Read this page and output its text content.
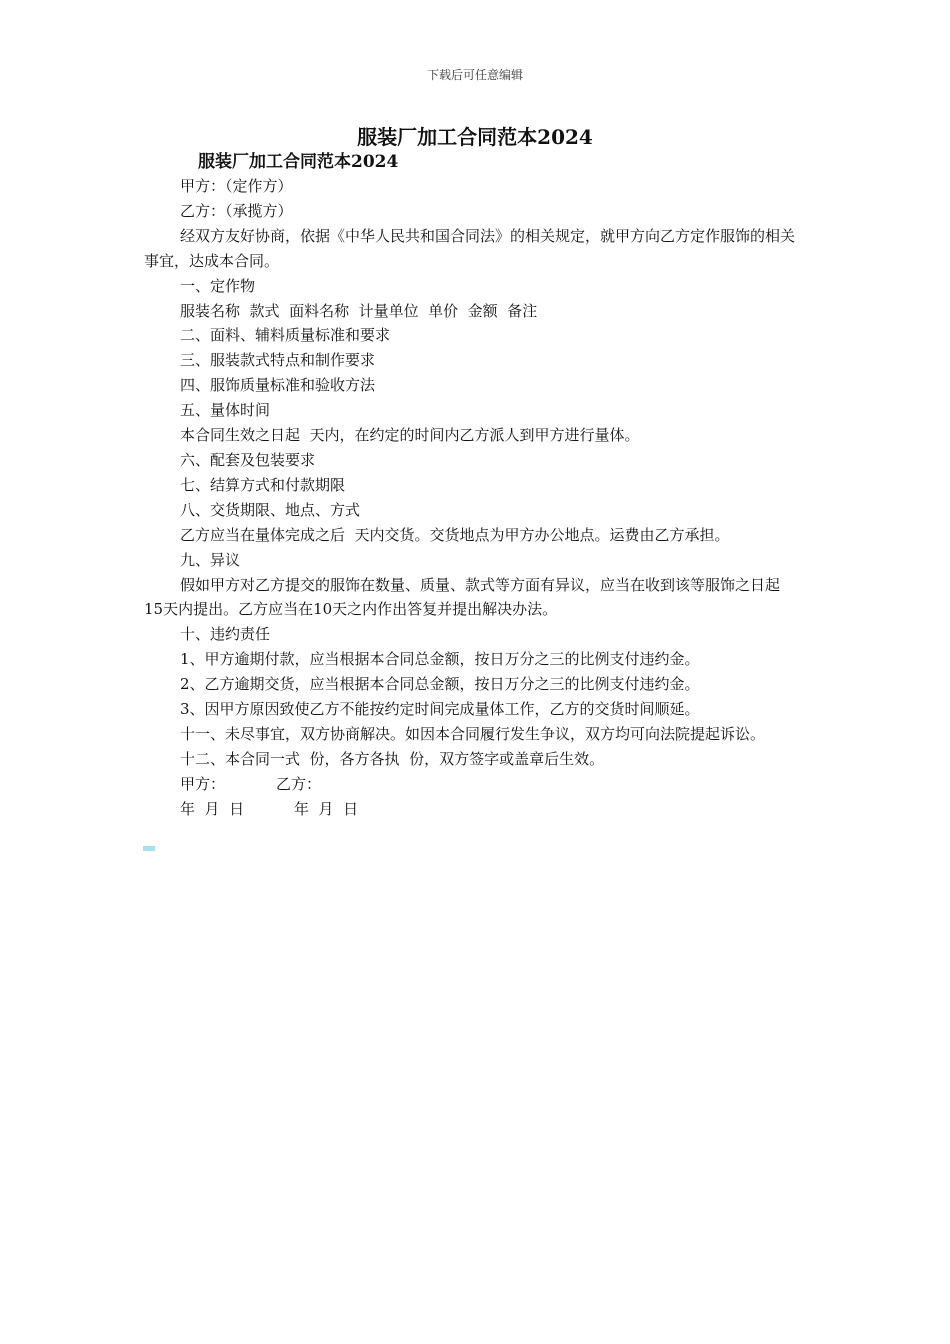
下载后可任意编辑
服装厂加工合同范本2024
服装厂加工合同范本2024

甲方：（定作方）

乙方：（承揽方）

经双方友好协商，依据《中华人民共和国合同法》的相关规定，就甲方向乙方定作服饰的相关事宜，达成本合同。

一、定作物

服装名称  款式  面料名称  计量单位  单价  金额  备注

二、面料、辅料质量标准和要求

三、服装款式特点和制作要求

四、服饰质量标准和验收方法

五、量体时间

本合同生效之日起  天内，在约定的时间内乙方派人到甲方进行量体。

六、配套及包装要求

七、结算方式和付款期限

八、交货期限、地点、方式

乙方应当在量体完成之后  天内交货。交货地点为甲方办公地点。运费由乙方承担。

九、异议

假如甲方对乙方提交的服饰在数量、质量、款式等方面有异议，应当在收到该等服饰之日起15天内提出。乙方应当在10天之内作出答复并提出解决办法。

十、违约责任

1、甲方逾期付款，应当根据本合同总金额，按日万分之三的比例支付违约金。

2、乙方逾期交货，应当根据本合同总金额，按日万分之三的比例支付违约金。

3、因甲方原因致使乙方不能按约定时间完成量体工作，乙方的交货时间顺延。

十一、未尽事宜，双方协商解决。如因本合同履行发生争议，双方均可向法院提起诉讼。

十二、本合同一式  份，各方各执  份，双方签字或盖章后生效。

甲方：	乙方：

年  月  日	年  月  日
